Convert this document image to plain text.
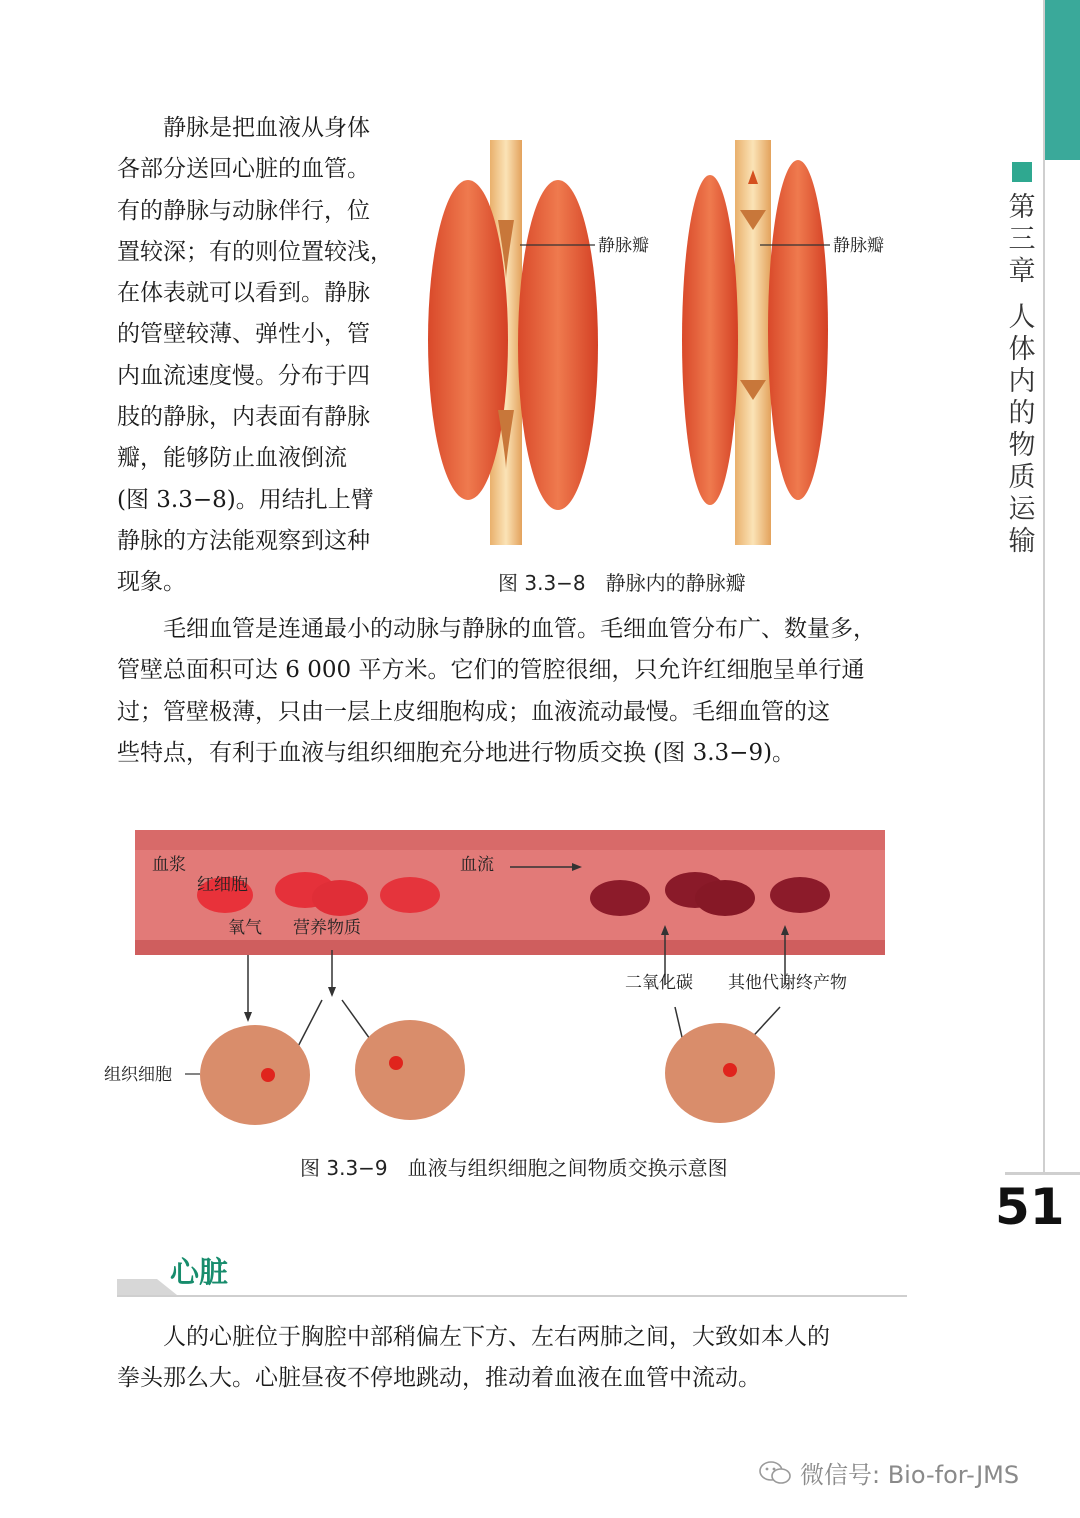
第
三
章

人
体
内
的
物
质
运
输
　　静脉是把血液从身体
各部分送回心脏的血管。
有的静脉与动脉伴行，位
置较深；有的则位置较浅，
在体表就可以看到。静脉
的管壁较薄、弹性小，管
内血流速度慢。分布于四
肢的静脉，内表面有静脉
瓣，能够防止血液倒流
(图 3.3−8)。用结扎上臂
静脉的方法能观察到这种
现象。
静脉瓣	静脉瓣
图 3.3−8　静脉内的静脉瓣
　　毛细血管是连通最小的动脉与静脉的血管。毛细血管分布广、数量多，
管壁总面积可达 6 000 平方米。它们的管腔很细，只允许红细胞呈单行通
过；管壁极薄，只由一层上皮细胞构成；血液流动最慢。毛细血管的这
些特点，有利于血液与组织细胞充分地进行物质交换 (图 3.3−9)。
血浆
红细胞
氧气 营养物质
血流
二氧化碳 其他代谢终产物
组织细胞
图 3.3−9　血液与组织细胞之间物质交换示意图
51
心脏
　　人的心脏位于胸腔中部稍偏左下方、左右两肺之间，大致如本人的
拳头那么大。心脏昼夜不停地跳动，推动着血液在血管中流动。
微信号: Bio-for-JMS
